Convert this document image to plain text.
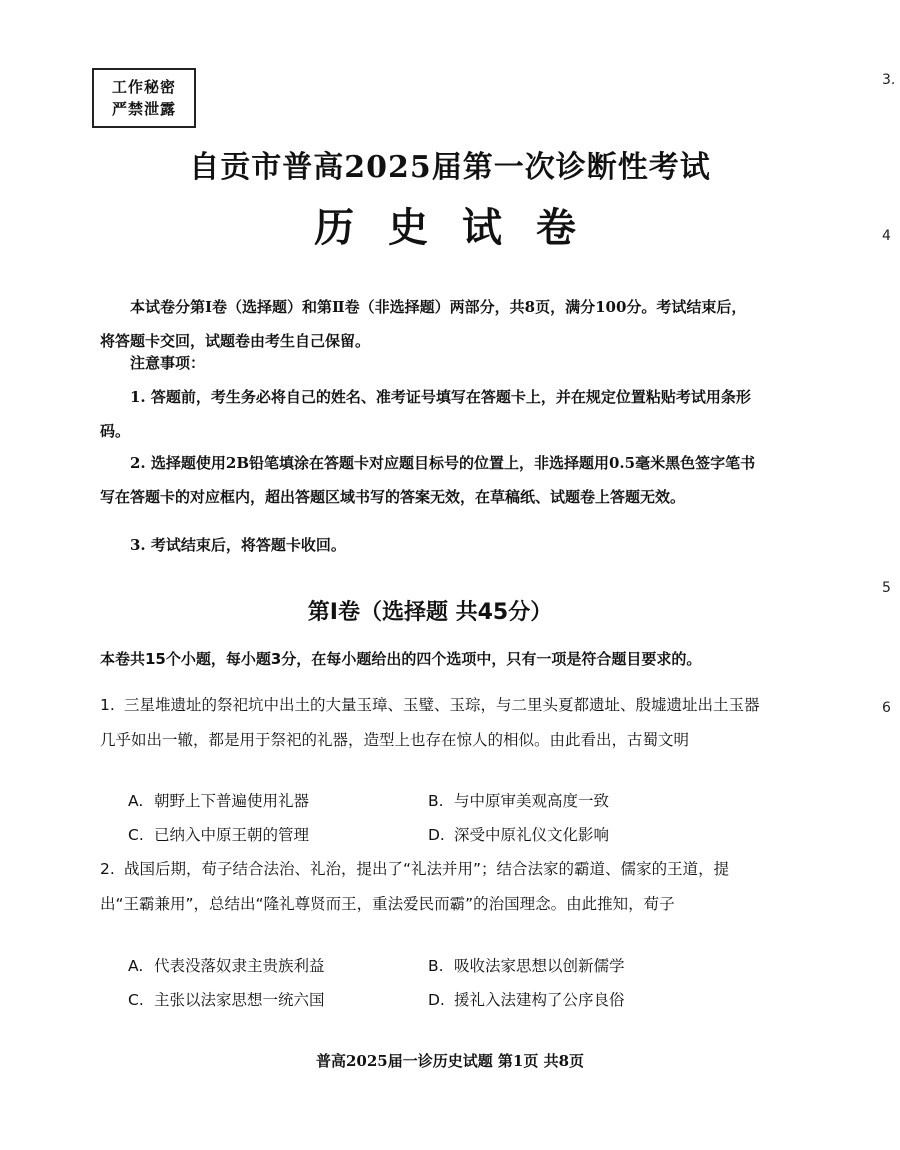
工作秘密
严禁泄露
3.
4
5
6
自贡市普高2025届第一次诊断性考试
历 史 试 卷
本试卷分第Ⅰ卷（选择题）和第Ⅱ卷（非选择题）两部分，共8页，满分100分。考试结束后，将答题卡交回，试题卷由考生自己保留。
注意事项：
1. 答题前，考生务必将自己的姓名、准考证号填写在答题卡上，并在规定位置粘贴考试用条形码。
2. 选择题使用2B铅笔填涂在答题卡对应题目标号的位置上，非选择题用0.5毫米黑色签字笔书写在答题卡的对应框内，超出答题区域书写的答案无效，在草稿纸、试题卷上答题无效。
3. 考试结束后，将答题卡收回。
第Ⅰ卷（选择题 共45分）
本卷共15个小题，每小题3分，在每小题给出的四个选项中，只有一项是符合题目要求的。
1. 三星堆遗址的祭祀坑中出土的大量玉璋、玉璧、玉琮，与二里头夏都遗址、殷墟遗址出土玉器几乎如出一辙，都是用于祭祀的礼器，造型上也存在惊人的相似。由此看出，古蜀文明
A. 朝野上下普遍使用礼器	B. 与中原审美观高度一致
C. 已纳入中原王朝的管理	D. 深受中原礼仪文化影响
2. 战国后期，荀子结合法治、礼治，提出了“礼法并用”；结合法家的霸道、儒家的王道，提出“王霸兼用”，总结出“隆礼尊贤而王，重法爱民而霸”的治国理念。由此推知，荀子
A. 代表没落奴隶主贵族利益	B. 吸收法家思想以创新儒学
C. 主张以法家思想一统六国	D. 援礼入法建构了公序良俗
普高2025届一诊历史试题 第1页 共8页
